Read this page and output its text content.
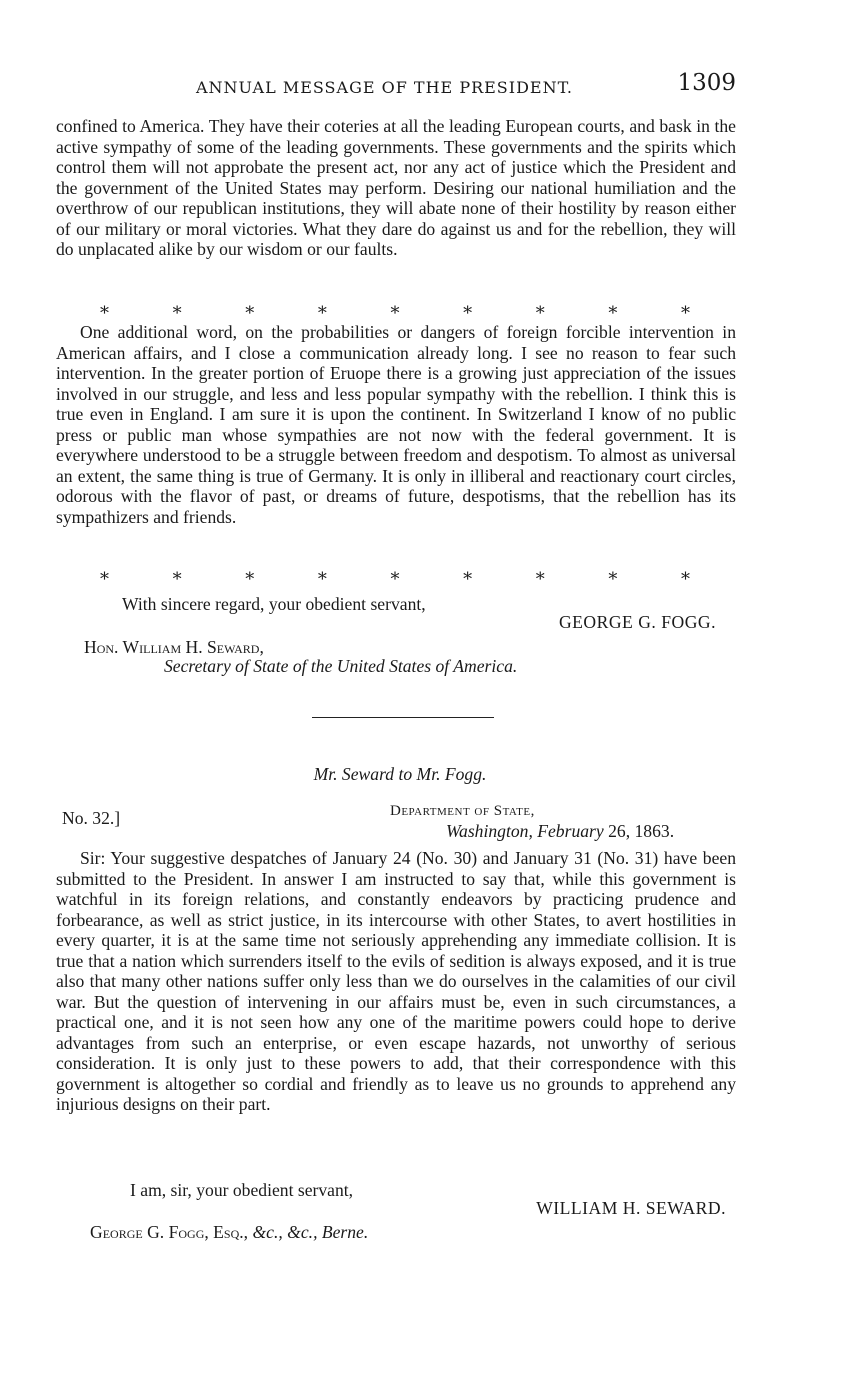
ANNUAL MESSAGE OF THE PRESIDENT.	1309

confined to America. They have their coteries at all the leading European courts, and bask in the active sympathy of some of the leading governments. These governments and the spirits which control them will not approbate the present act, nor any act of justice which the President and the government of the United States may perform. Desiring our national humiliation and the overthrow of our republican institutions, they will abate none of their hostility by reason either of our military or moral victories. What they dare do against us and for the rebellion, they will do unplacated alike by our wisdom or our faults.

*	*	*	*	*	*	*	*	*

One additional word, on the probabilities or dangers of foreign forcible intervention in American affairs, and I close a communication already long. I see no reason to fear such intervention. In the greater portion of Eruope there is a growing just appreciation of the issues involved in our struggle, and less and less popular sympathy with the rebellion. I think this is true even in England. I am sure it is upon the continent. In Switzerland I know of no public press or public man whose sympathies are not now with the federal government. It is everywhere understood to be a struggle between freedom and despotism. To almost as universal an extent, the same thing is true of Germany. It is only in illiberal and reactionary court circles, odorous with the flavor of past, or dreams of future, despotisms, that the rebellion has its sympathizers and friends.

*	*	*	*	*	*	*	*	*
With sincere regard, your obedient servant,
GEORGE G. FOGG.
Hon. William H. Seward,
Secretary of State of the United States of America.
Mr. Seward to Mr. Fogg.
No. 32.]	Department of State,
Washington, February 26, 1863.

Sir: Your suggestive despatches of January 24 (No. 30) and January 31 (No. 31) have been submitted to the President. In answer I am instructed to say that, while this government is watchful in its foreign relations, and constantly endeavors by practicing prudence and forbearance, as well as strict justice, in its intercourse with other States, to avert hostilities in every quarter, it is at the same time not seriously apprehending any immediate collision. It is true that a nation which surrenders itself to the evils of sedition is always exposed, and it is true also that many other nations suffer only less than we do ourselves in the calamities of our civil war. But the question of intervening in our affairs must be, even in such circumstances, a practical one, and it is not seen how any one of the maritime powers could hope to derive advantages from such an enterprise, or even escape hazards, not unworthy of serious consideration. It is only just to these powers to add, that their correspondence with this government is altogether so cordial and friendly as to leave us no grounds to apprehend any injurious designs on their part.

I am, sir, your obedient servant,
WILLIAM H. SEWARD.
George G. Fogg, Esq., &c., &c., Berne.
